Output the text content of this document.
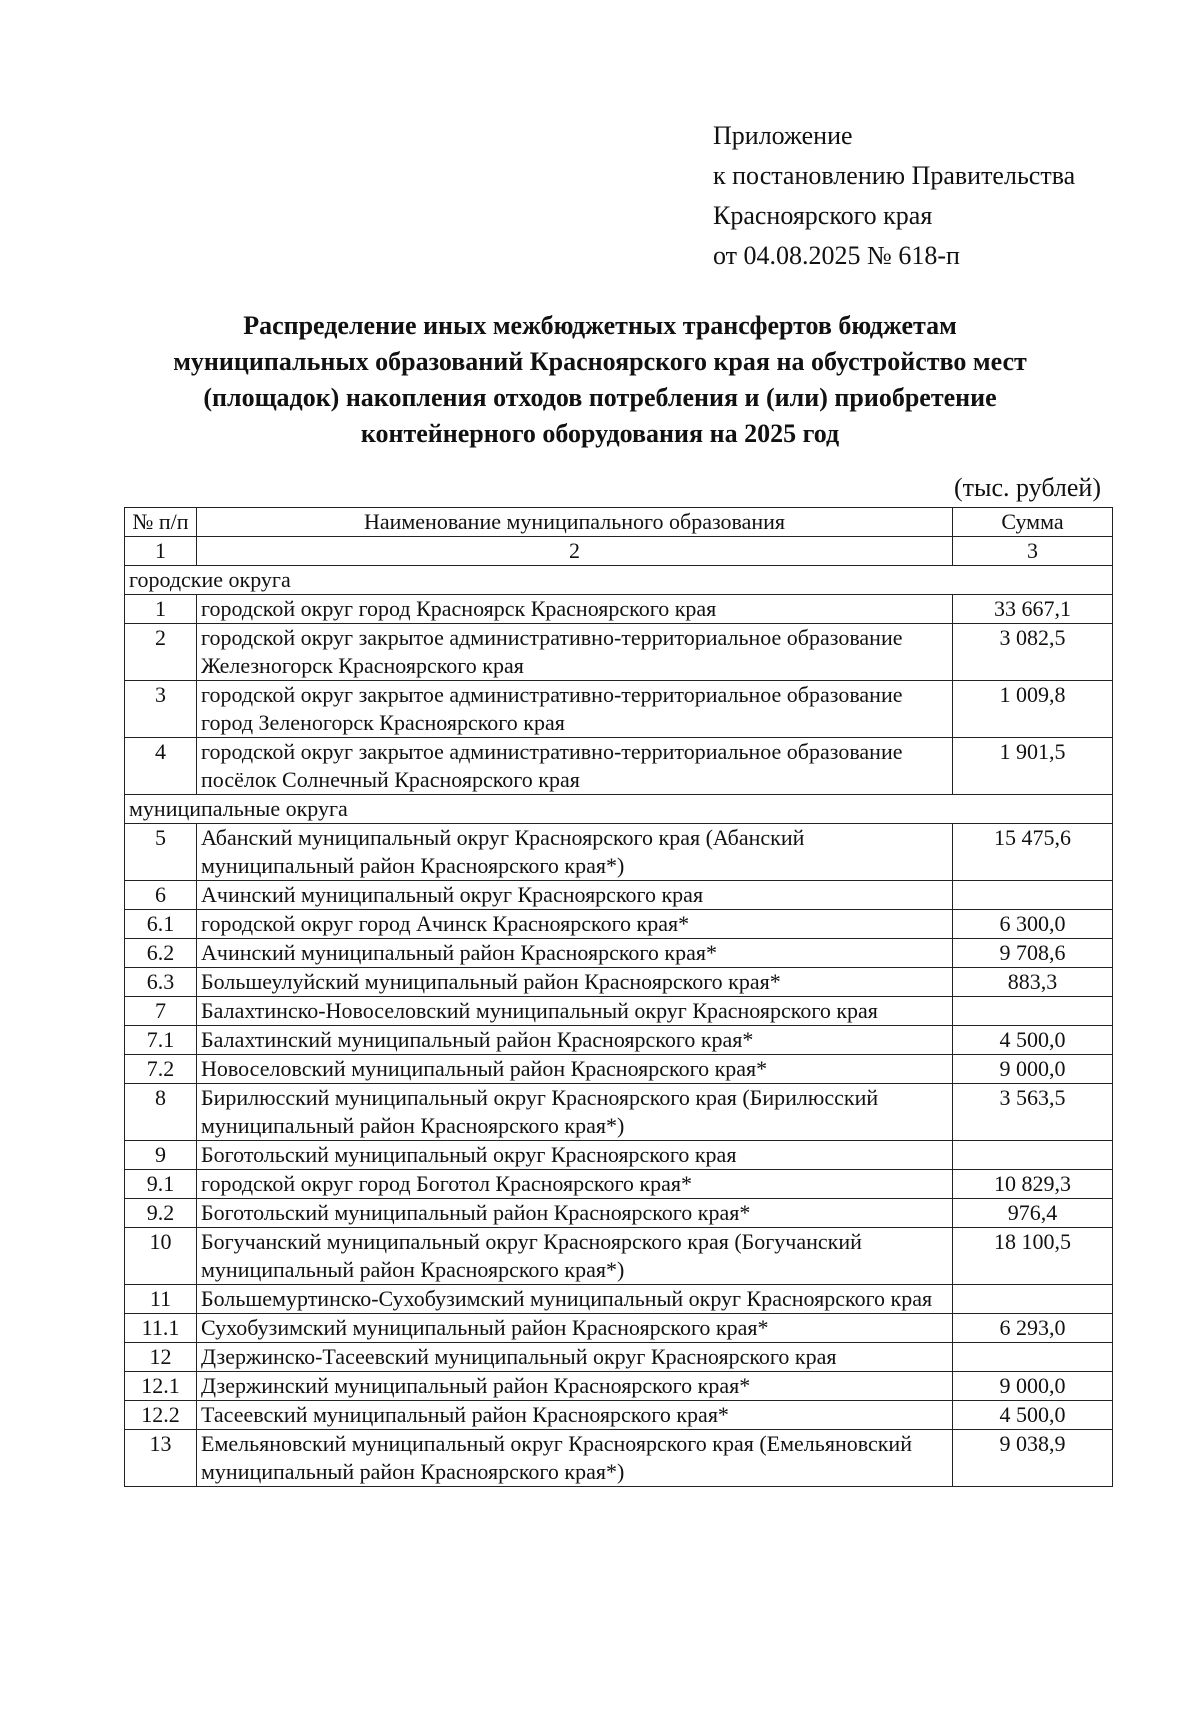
Приложение
к постановлению Правительства
Красноярского края
от 04.08.2025 № 618-п
Распределение иных межбюджетных трансфертов бюджетам
муниципальных образований Красноярского края на обустройство мест
(площадок) накопления отходов потребления и (или) приобретение
контейнерного оборудования на 2025 год
(тыс. рублей)
№ п/п	Наименование муниципального образования	Сумма
1	2	3
городские округа		
1	городской округ город Красноярск Красноярского края	33 667,1
2	городской округ закрытое административно-территориальное образование Железногорск Красноярского края	3 082,5
3	городской округ закрытое административно-территориальное образование город Зеленогорск Красноярского края	1 009,8
4	городской округ закрытое административно-территориальное образование посёлок Солнечный Красноярского края	1 901,5
муниципальные округа		
5	Абанский муниципальный округ Красноярского края (Абанский муниципальный район Красноярского края*)	15 475,6
6	Ачинский муниципальный округ Красноярского края	
6.1	городской округ город Ачинск Красноярского края*	6 300,0
6.2	Ачинский муниципальный район Красноярского края*	9 708,6
6.3	Большеулуйский муниципальный район Красноярского края*	883,3
7	Балахтинско-Новоселовский муниципальный округ Красноярского края	
7.1	Балахтинский муниципальный район Красноярского края*	4 500,0
7.2	Новоселовский муниципальный район Красноярского края*	9 000,0
8	Бирилюсский муниципальный округ Красноярского края (Бирилюсский муниципальный район Красноярского края*)	3 563,5
9	Боготольский муниципальный округ Красноярского края	
9.1	городской округ город Боготол Красноярского края*	10 829,3
9.2	Боготольский муниципальный район Красноярского края*	976,4
10	Богучанский муниципальный округ Красноярского края (Богучанский муниципальный район Красноярского края*)	18 100,5
11	Большемуртинско-Сухобузимский муниципальный округ Красноярского края	
11.1	Сухобузимский муниципальный район Красноярского края*	6 293,0
12	Дзержинско-Тасеевский муниципальный округ Красноярского края	
12.1	Дзержинский муниципальный район Красноярского края*	9 000,0
12.2	Тасеевский муниципальный район Красноярского края*	4 500,0
13	Емельяновский муниципальный округ Красноярского края (Емельяновский муниципальный район Красноярского края*)	9 038,9
